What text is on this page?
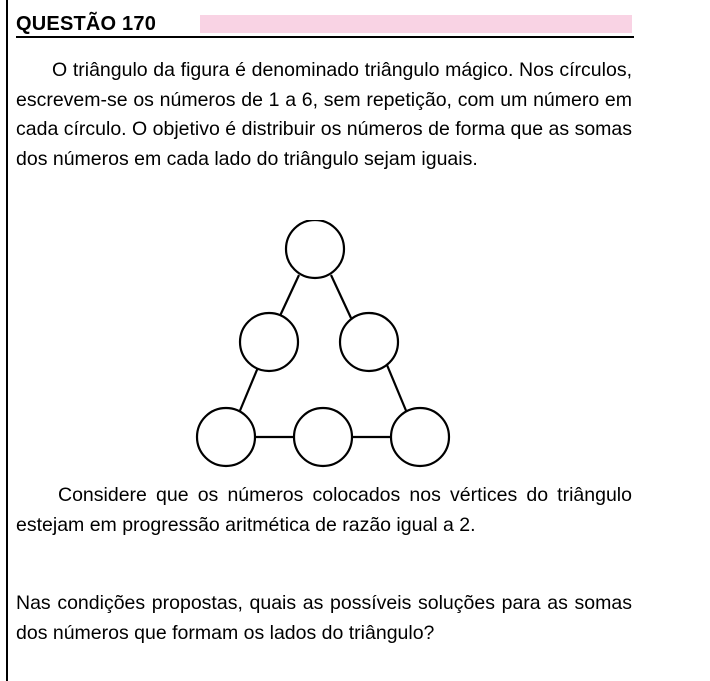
QUESTÃO 170

O triângulo da figura é denominado triângulo mágico. Nos círculos, escrevem-se os números de 1 a 6, sem repetição, com um número em cada círculo. O objetivo é distribuir os números de forma que as somas dos números em cada lado do triângulo sejam iguais.

Considere que os números colocados nos vértices do triângulo estejam em progressão aritmética de razão igual a 2.

Nas condições propostas, quais as possíveis soluções para as somas dos números que formam os lados do triângulo?
